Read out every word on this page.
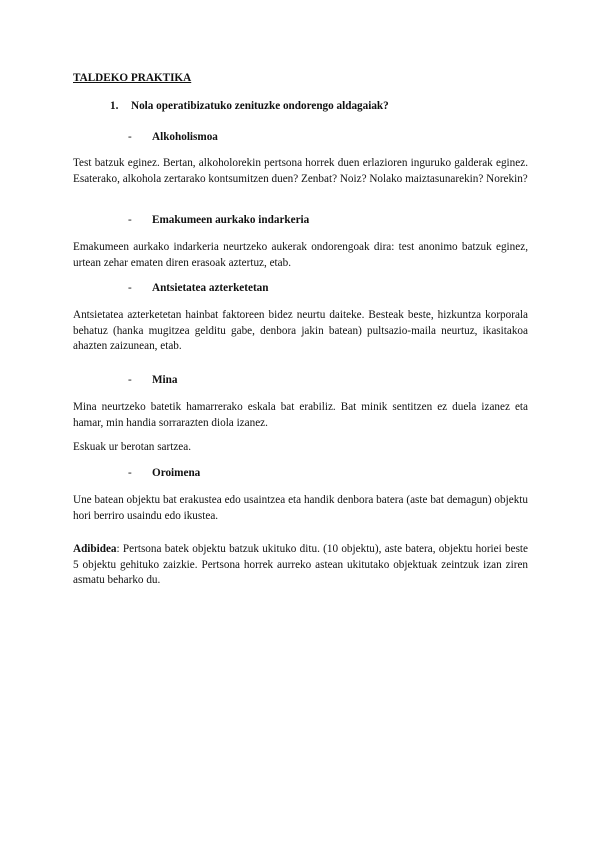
TALDEKO PRAKTIKA
1. Nola operatibizatuko zenituzke ondorengo aldagaiak?
- Alkoholismoa
Test batzuk eginez. Bertan, alkoholorekin pertsona horrek duen erlazioren inguruko galderak eginez. Esaterako, alkohola zertarako kontsumitzen duen? Zenbat? Noiz? Nolako maiztasunarekin? Norekin?
- Emakumeen aurkako indarkeria
Emakumeen aurkako indarkeria neurtzeko aukerak ondorengoak dira: test anonimo batzuk eginez, urtean zehar ematen diren erasoak aztertuz, etab.
- Antsietatea azterketetan
Antsietatea azterketetan hainbat faktoreen bidez neurtu daiteke. Besteak beste, hizkuntza korporala behatuz (hanka mugitzea gelditu gabe, denbora jakin batean) pultsazio-maila neurtuz, ikasitakoa ahazten zaizunean, etab.
- Mina
Mina neurtzeko batetik hamarrerako eskala bat erabiliz. Bat minik sentitzen ez duela izanez eta hamar, min handia sorrarazten diola izanez.
Eskuak ur berotan sartzea.
- Oroimena
Une batean objektu bat erakustea edo usaintzea eta handik denbora batera (aste bat demagun) objektu hori berriro usaindu edo ikustea.
Adibidea: Pertsona batek objektu batzuk ukituko ditu. (10 objektu), aste batera, objektu horiei beste 5 objektu gehituko zaizkie. Pertsona horrek aurreko astean ukitutako objektuak zeintzuk izan ziren asmatu beharko du.
